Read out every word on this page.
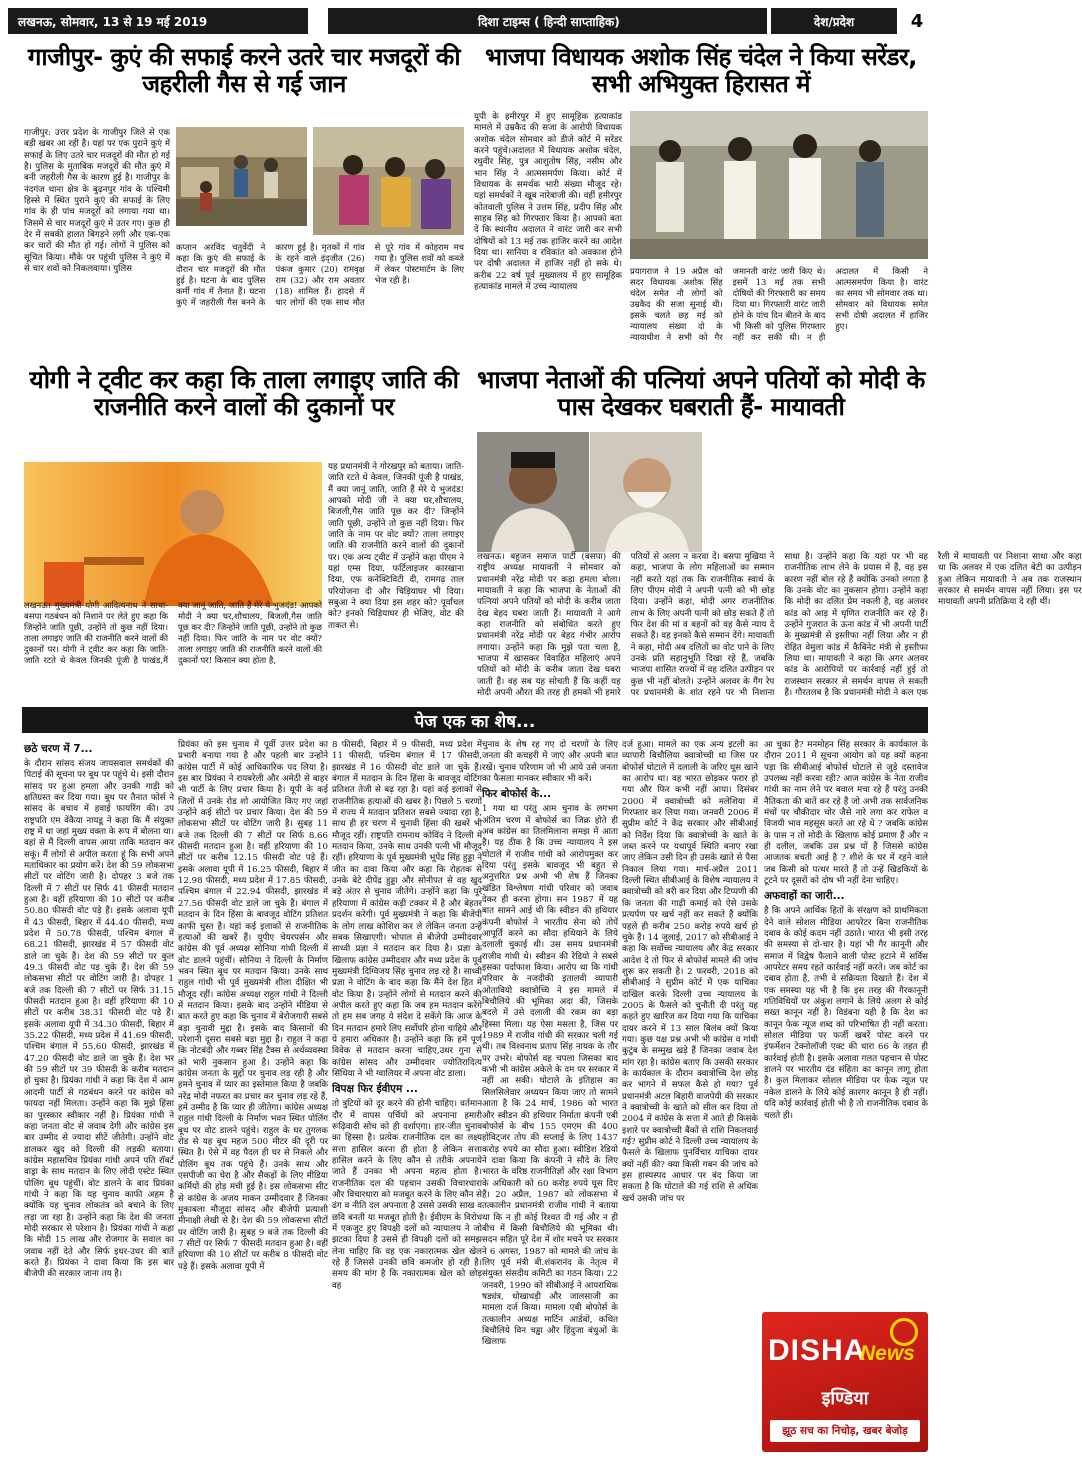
लखनऊ, सोमवार, 13 से 19 मई 2019	दिशा टाइम्स ( हिन्दी साप्ताहिक)	देश/प्रदेश	4
गाजीपुर- कुएं की सफाई करने उतरे चार मजदूरों की जहरीली गैस से गई जान
गाजीपुर: उत्तर प्रदेश के गाजीपुर जिले से एक बड़ी खबर आ रही है। यहां पर एक पुराने कुएं में सफाई के लिए उतरे चार मजदूरों की मौत हो गई है। पुलिस के मुताबिक मजदूरों की मौत कुएं में बनी जहरीली गैस के कारण हुई है। गाजीपुर के नंदगंज थाना क्षेत्र के बुढ़नपुर गांव के पश्चिमी हिस्से में स्थित पुराने कुएं की सफाई के लिए गांव के ही पांच मजदूरों को लगाया गया था। जिसमें से चार मजदूरों कुएं में उतर गए। कुछ ही देर में सबकी हालत बिगड़ने लगी और एक-एक कर चारों की मौत हो गई। लोगों ने पुलिस को सूचित किया। मौके पर पहुंची पुलिस ने कुएं में से चार शवों को निकलवाया। पुलिस
कप्तान अरविंद चतुर्वेदी ने कहा कि कुएं की सफाई के दौरान चार मजदूरों की मौत हुई है। घटना के बाद पुलिस कर्मी गांव में तैनात हैं। घटना कुएं में जहरीली गैस बनने के कारण हुई है। मृतकों में गांव के रहने वाले इंद्जीत (26) पंकज कुमार (20) रामवृक्ष राम (32) और राम अवतार (18) शामिल हैं। हादसे में चार लोगों की एक साथ मौत से पूरे गांव में कोहराम मच गया है। पुलिस शवों को कब्जे में लेकर पोस्टमार्टम के लिए भेज रही है।
भाजपा विधायक अशोक सिंह चंदेल ने किया सरेंडर, सभी अभियुक्त हिरासत में
यूपी के हमीरपुर में हुए सामूहिक हत्याकांड मामले में उम्रकैद की सजा के आरोपी विधायक अशोक चंदेल सोमवार को डीजे कोर्ट में सरेंडर करने पहुंचे।अदालत में विधायक अशोक चंदेल, रघुवीर सिंह, पुत्र आशुतोष सिंह, नसीम और भान सिंह ने आत्मसमर्पण किया। कोर्ट में विधायक के समर्थक भारी संख्या मौजूद रहे। यहां समर्थकों ने खूब नारेबाजी की। वहीं हमीरपुर कोतवाली पुलिस ने उत्तम सिंह, प्रदीप सिंह और साहब सिंह को गिरफ्तार किया है। आपको बता दें कि स्थानीय अदालत ने वारंट जारी कर सभी दोषियों को 13 मई तक हाजिर करने का आदेश दिया था। सानिया व रविकांत को अवकाश होने पर दोषी अदालत में हाजिर नहीं हो सके थे। करीब 22 वर्ष पूर्व मुख्यालय में हुए सामूहिक हत्याकांड मामले में उच्च न्यायालय
प्रयागराज ने 19 अप्रैल को सदर विधायक अशोक सिंह चंदेल समेत नौ लोगों को उम्रकैद की सजा सुनाई थी। इसके चलते छह मई को न्यायालय संख्या दो के न्यायाधीश ने सभी को गैर जमानती वारंट जारी किए थे। इसमें 13 मई तक सभी दोषियों की गिरफ्तारी का समय दिया था। गिरफ्तारी वारंट जारी होने के पांच दिन बीतने के बाद भी किसी को पुलिस गिरफ्तार नहीं कर सकी थी। न ही अदालत में किसी ने आत्मसमर्पण किया है। वारंट का समय भी सोमवार तक था। सोमवार को विधायक समेत सभी दोषी अदालत में हाजिर हुए।
योगी ने ट्वीट कर कहा कि ताला लगाइए जाति की राजनीति करने वालों की दुकानों पर
लखनऊ। मुख्यमंत्री योगी आदित्यनाथ ने साधा-बसपा गठबंधन को निशाने पर लेते हुए कहा कि जिन्होंने जाति पूछी, उन्होंने तो कुछ नहीं दिया। ताला लगाइए जाति की राजनीति करने वालों की दुकानों पर। योगी ने ट्वीट कर कहा कि जाति-जाति रटते थे केवल जिनकी पूंजी है पाखंड,मैं क्या जानूं जाति, जाति हैं मेरे ये भुजदंड! आपको मोदी ने क्या घर,शौचालय, बिजली,गैस जाति पूछ कर दी? जिन्होंने जाति पूछी, उन्होंने तो कुछ नहीं दिया। फिर जाति के नाम पर वोट क्यों? ताला लगाइए जाति की राजनीति करने वालों की दुकानों पर! किसान क्या होता है,
यह प्रधानमंत्री ने गोरखपुर को बताया। जाति-जाति रटते थे केवल, जिनकी पूंजी है पाखंड, मैं क्या जानूं जाति, जाति हैं मेरे ये भुजदंड! आपको मोदी जी ने क्या घर,शौचालय, बिजली,गैस जाति पूछ कर दी? जिन्होंने जाति पूछी, उन्होंने तो कुछ नहीं दिया। फिर जाति के नाम पर वोट क्यों? ताला लगाइए जाति की राजनीति करने वालों की दुकानों पर। एक अन्य ट्वीट में उन्होंने कहा पीएम ने यहां एम्स दिया, फर्टिलाइजर कारखाना दिया, एफ कनेक्टिविटी दी, रामगढ़ ताल परियोजना दी और चिड़ियाघर भी दिया। सबुआ ने क्या दिया इस शहर को? पूर्वांचल को? इनको चिड़ियाघर ही भेजिए, वोट की ताकत से।
भाजपा नेताओं की पत्नियां अपने पतियों को मोदी के पास देखकर घबराती हैं- मायावती
लखनऊ। बहुजन समाज पार्टी (बसपा) की राष्ट्रीय अध्यक्ष मायावती ने सोमवार को प्रधानमंत्री नरेंद्र मोदी पर कड़ा हमला बोला। मायावती ने कहा कि भाजपा के नेताओं की पत्नियां अपने पतियों को मोदी के करीब जाता देख बेहद घबरा जाती हैं। मायावती ने आगे कहा राजनीति को संबोधित करते हुए प्रधानमंत्री नरेंद्र मोदी पर बेहद गंभीर आरोप लगाया। उन्होंने कहा कि मुझे पता चला है, भाजपा में खासकर विवाहित महिलाएं अपने पतियों को मोदी के करीब जाता देख घबरा जाती हैं। वह सब यह सोचती हैं कि कहीं यह मोदी अपनी औरत की तरह ही हमको भी हमारे पतियों से अलग न करवा दें। बसपा मुखिया ने कहा, भाजपा के लोग महिलाओं का सम्मान नहीं करते यहां तक कि राजनीतिक स्वार्थ के लिए पीएम मोदी ने अपनी पत्नी को भी छोड़ दिया। उन्होंने कहा, मोदी अगर राजनीतिक लाभ के लिए अपनी पत्नी को छोड़ सकते हैं तो फिर देश की मां व बहनों को वह कैसे न्याय दे सकते हैं। वह इनको कैसे सम्मान देंगे। मायावती ने कहा, मोदी अब दलितों का वोट पाने के लिए उनके प्रति सहानुभूति दिखा रहे हैं, जबकि भाजपा शासित राज्यों में वह दलित उत्पीड़न पर कुछ भी नहीं बोलते। उन्होंने अलवर के गैंग रेप पर प्रधानमंत्री के शांत रहने पर भी निशाना साधा है। उन्होंने कहा कि यहां पर भी वह राजनीतिक लाभ लेने के प्रयास में हैं, वह इस कारण नहीं बोल रहे हैं क्योंकि उनको लगता है कि उनके वोट का नुकसान होगा। उन्होंने कहा कि मोदी का दलित प्रेम नकली है, वह अलवर कांड को आड़ में घृणित राजनीति कर रहे हैं। उन्होंने गुजरात के ऊना कांड में भी अपनी पार्टी के मुख्यमंत्री से इस्तीफा नहीं लिया और न ही रोहित वेमुला कांड में कैबिनेट मंत्री से इस्तीफा लिया था। मायावती ने कहा कि अगर अलवर कांड के आरोपियों पर कार्रवाई नहीं हुई तो राजस्थान सरकार से समर्थन वापस ले सकती हैं। गौरतलब है कि प्रधानमंत्री मोदी ने कल एक रैली में मायावती पर निशाना साधा और कहा था कि अलवर में एक दलित बेटी का उत्पीड़न हुआ लेकिन मायावती ने अब तक राजस्थान सरकार से समर्थन वापस नहीं लिया। इस पर मायावती अपनी प्रतिक्रिया दे रही थीं।
पेज एक का शेष...
छठे चरण में 7...
के दौरान सांसद संजय जायसवाल समर्थकों की पिटाई की सूचना पर बूथ पर पहुंचे थे। इसी दौरान सांसद पर हुआ हमला और उनकी गाड़ी को क्षतिग्रस्त कर दिया गया। बूथ पर तैनात फोर्स ने सांसद के बचाव में हवाई फायरिंग की। उप राष्ट्रपति एम वेंकैया नायडू ने कहा कि मैं संयुक्त राष्ट्र में था जहां मुख्य वक्ता के रूप में बोलना था। वहां से मैं दिल्ली वापस आया ताकि मतदान कर सकूं। मैं लोगों से अपील करता हूं कि सभी अपने मताधिकार का प्रयोग करें। देश की 59 लोकसभा सीटों पर वोटिंग जारी है। दोपहर 3 बजे तक दिल्ली में 7 सीटों पर सिर्फ 41 फीसदी मतदान हुआ है। वहीं हरियाणा की 10 सीटों पर करीब 50.80 फीसदी वोट पड़े हैं। इसके अलावा यूपी में 43 फीसदी, बिहार में 44.40 फीसदी, मध्य प्रदेश में 50.78 फीसदी, पश्चिम बंगाल में 68.21 फीसदी, झारखंड में 57 फीसदी वोट डाले जा चुके हैं। देश की 59 सीटों पर कुल 49.3 फीसदी वोट पड़ चुके हैं। देश की 59 लोकसभा सीटों पर वोटिंग जारी है। दोपहर 1 बजे तक दिल्ली की 7 सीटों पर सिर्फ 31.15 फीसदी मतदान हुआ है। वहीं हरियाणा की 10 सीटों पर करीब 38.31 फीसदी वोट पड़े हैं। इसके अलावा यूपी में 34.30 फीसदी, बिहार में 35.22 फीसदी, मध्य प्रदेश में 41.69 फीसदी, पश्चिम बंगाल में 55.60 फीसदी, झारखंड में 47.20 फीसदी वोट डाले जा चुके हैं। देश भर की 59 सीटों पर 39 फीसदी के करीब मतदान हो चुका है। प्रियंका गांधी ने कहा कि देश में आम आदमी पार्टी से गठबंधन करने पर कांग्रेस को फायदा नहीं मिलता। उन्होंने कहा कि मुझे हिंसा का पुरस्कार स्वीकार नहीं है। प्रियंका गांधी ने कहा जनता वोट से जवाब देगी और कांग्रेस इस बार उम्मीद से ज्यादा सीटें जीतेगी। उन्होंने वोट डालकर खुद को दिल्ली की लड़की बताया। कांग्रेस महासचिव प्रियंका गांधी अपने पति रॉबर्ट वाड्रा के साथ मतदान के लिए लोदी एस्टेट स्थित पोलिंग बूथ पहुंचीं। वोट डालने के बाद प्रियंका गांधी ने कहा कि यह चुनाव काफी अहम है क्योंकि यह चुनाव लोकतंत्र को बचाने के लिए लड़ा जा रहा है। उन्होंने कहा कि देश की जनता मोदी सरकार से परेशान है। प्रियंका गांधी ने कहा कि मोदी 15 लाख और रोजगार के सवाल का जवाब नहीं देते और सिर्फ इधर-उधर की बातें करते हैं। प्रियंका ने दावा किया कि इस बार बीजेपी की सरकार जाना तय है।
प्रियंका को इस चुनाव में पूर्वी उत्तर प्रदेश का प्रभारी बनाया गया है और पहली बार उन्होंने कांग्रेस पार्टी में कोई आधिकारिक पद लिया है। इस बार प्रियंका ने रायबरेली और अमेठी से बाहर भी पार्टी के लिए प्रचार किया है। यूपी के कई जिलों में उनके रोड शो आयोजित किए गए जहां उन्होंने कई सीटों पर प्रचार किया। देश की 59 लोकसभा सीटों पर वोटिंग जारी है। सुबह 11 बजे तक दिल्ली की 7 सीटों पर सिर्फ 8.66 फीसदी मतदान हुआ है। वहीं हरियाणा की 10 सीटों पर करीब 12.15 फीसदी वोट पड़े हैं। इसके अलावा यूपी में 16.25 फीसदी, बिहार में 12.98 फीसदी, मध्य प्रदेश में 17.85 फीसदी, पश्चिम बंगाल में 22.94 फीसदी, झारखंड में 27.56 फीसदी वोट डाले जा चुके हैं। बंगाल में मतदान के दिन हिंसा के बावजूद वोटिंग प्रतिशत काफी चुस्त है। यहां कई इलाकों से राजनीतिक हत्याओं की खबरें हैं। यूपीए चेयरपर्सन और कांग्रेस की पूर्व अध्यक्ष सोनिया गांधी दिल्ली में वोट डालने पहुंचीं। सोनिया ने दिल्ली के निर्माण भवन स्थित बूथ पर मतदान किया। उनके साथ राहुल गांधी भी पूर्व मुख्यमंत्री शीला दीक्षित भी मौजूद रहीं। कांग्रेस अध्यक्ष राहुल गांधी ने दिल्ली में मतदान किया। इसके बाद उन्होंने मीडिया से बात करते हुए कहा कि चुनाव में बेरोजगारी सबसे बड़ा चुनावी मुद्दा है। इसके बाद किसानों की परेशानी दूसरा सबसे बड़ा मुद्दा है। राहुल ने कहा कि नोटबंदी और गब्बर सिंह टैक्स से अर्थव्यवस्था को भारी नुकसान हुआ है। उन्होंने कहा कि कांग्रेस जनता के मुद्दों पर चुनाव लड़ रही है और हमने चुनाव में प्यार का इस्तेमाल किया है जबकि नरेंद्र मोदी नफरत का प्रचार कर चुनाव लड़ रहे हैं, हमें उम्मीद है कि प्यार ही जीतेगा। कांग्रेस अध्यक्ष राहुल गांधी दिल्ली के निर्माण भवन स्थित पोलिंग बूथ पर वोट डालने पहुंचे। राहुल के घर तुगलक रोड से यह बूथ महज 500 मीटर की दूरी पर स्थित है। ऐसे में वह पैदल ही घर से निकले और पोलिंग बूथ तक पहुंचे हैं। उनके साथ और एसपीजी का घेरा है और सैकड़ों के लिए मीडिया कर्मियों की होड़ मची हुई है। इस लोकसभा सीट से कांग्रेस के अजय माकन उम्मीदवार हैं जिनका मुकाबला मौजूदा सांसद और बीजेपी प्रत्याशी मीनाक्षी लेखी से है। देश की 59 लोकसभा सीटों पर वोटिंग जारी है। सुबह 9 बजे तक दिल्ली की 7 सीटों पर सिर्फ 7 फीसदी मतदान हुआ है। वहीं हरियाणा की 10 सीटों पर करीब 8 फीसदी वोट पड़े हैं। इसके अलावा यूपी में
8 फीसदी, बिहार में 9 फीसदी, मध्य प्रदेश में 11 फीसदी, पश्चिम बंगाल में 17 फीसदी, झारखंड में 16 फीसदी वोट डाले जा चुके हैं। बंगाल में मतदान के दिन हिंसा के बावजूद वोटिंग प्रतिशत तेजी से बढ़ रहा है। यहां कई इलाकों से राजनीतिक हत्याओं की खबर है। पिछले 5 चरणों में राज्य में मतदान प्रतिशत सबसे ज्यादा रहा है, साथ ही हर चरण में चुनावी हिंसा की खबरें भी मौजूद रहीं। राष्ट्रपति रामनाथ कोविंद ने दिल्ली में मतदान किया, उनके साथ उनकी पत्नी भी मौजूद रहीं। हरियाणा के पूर्व मुख्यमंत्री भूपेंद्र सिंह हुड्डा ने जीत का दावा किया और कहा कि रोहतक से उनके बेटे दीपेंद्र हुड्डा और सोनीपत से वह खुद बड़े अंतर से चुनाव जीतेंगे। उन्होंने कहा कि पूरे हरियाणा में कांग्रेस कड़ी टक्कर में है और बेहतर प्रदर्शन करेगी। पूर्व मुख्यमंत्री ने कहा कि बीजेपी के लोग लाख कोशिश कर ले लेकिन जनता उन्हें सबक सिखाएगी। भोपाल से बीजेपी उम्मीदवार साध्वी प्रज्ञा ने मतदान कर दिया है। प्रज्ञा के खिलाफ कांग्रेस उम्मीदवार और मध्य प्रदेश के पूर्व मुख्यमंत्री दिग्विजय सिंह चुनाव लड़ रहे हैं। साध्वी प्रज्ञा ने वोटिंग के बाद कहा कि मैंने देश हित में वोट किया है। उन्होंने लोगों से मतदान करने की अपील करते हुए कहा कि जब हम मतदान करेंगे तो हम सब जगह ये संदेश दे सकेंगे कि आज के दिन मतदान हमारे लिए सर्वोपरि होना चाहिये और ये हमारा अधिकार है। उन्होंने कहा कि हमें पूर्ण विवेक से मतदान करना चाहिए,उधर गुना से कांग्रेस सांसद और उम्मीदवार ज्योतिरादित्य सिंधिया ने भी ग्वालियर में अपना वोट डाला।
विपक्ष फिर ईवीएम ...
तो त्रुटियों को दूर करने की होनी चाहिए। वर्तमान दौर में वापस पर्चियों को अपनाना हमारी रूढ़िवादी सोच को ही दर्शाएगा। हार-जीत चुनाव का हिस्सा है। प्रत्येक राजनीतिक दल का लक्ष्य सत्ता हासिल करना ही होता है लेकिन सत्ता हासिल करने के लिए कौन से तरीके अपनाये जाते हैं उनका भी अपना महत्व होता है। राजनीतिक दल की पहचान उसकी विचारधारा और विचारधारा को मजबूत करने के लिए कौन से ढंग व नीति दल अपनाता है उससे उसकी साख व छवि बनती या मजबूत होती है। ईवीएम के विरोध में एकजुट हुए विपक्षी दलों को न्यायालय ने जो झटका दिया है उससे ही विपक्षी दलों को समझ लेना चाहिए कि वह एक नकारात्मक खेल खेल रहे हैं जिससे उनकी छवि कमजोर हो रही है। समय की मांग है कि नकारात्मक खेल को छोड़ वह
चुनाव के शेष रह गए दो चरणों के लिए जनता की कचहरी में जाएं और अपनी बात रखें। चुनाव परिणाम जो भी आये उसे जनता का फैसला मानकर स्वीकार भी करें।
फिर बोफोर्स के...
1 गया था परंतु आम चुनाव के लगभग अंतिम चरण में बोफोर्स का जिक्र होते ही अब कांग्रेस का तिलमिलाना समझ में आता है। यह ठीक है कि उच्च न्यायालय ने इस घोटाले में राजीव गांधी को आरोपमुक्त कर दिया परंतु इसके बावजूद भी बहुत से अनुत्तरित प्रश्न अभी भी शेष हैं जिनका खंडित विश्लेषण गांधी परिवार को जवाब देकर ही करना होगा। सन 1987 में यह बात सामने आई थी कि स्वीडन की हथियार कंपनी बोफोर्स ने भारतीय सेना को तोपें आपूर्ति करने का सौदा हथियाने के लिये दलाली चुकाई थी। उस समय प्रधानमंत्री राजीव गांधी थे। स्वीडन की रेडियो ने सबसे इसका पर्दाफाश किया। आरोप था कि गांधी परिवार के नजदीकी इतालवी व्यापारी ओतावियो क्वात्रोच्चि ने इस मामले में बिचौलिये की भूमिका अदा की, जिसके बदले में उसे दलाली की रकम का बड़ा हिस्सा मिला। यह ऐसा मसला है, जिस पर 1989 में राजीव गांधी की सरकार चली गई थी। तब विश्वनाथ प्रताप सिंह नायक के तौर पर उभरे। बोफोर्स वह चपला जिसका बाद कभी भी कांग्रेस अकेले के दम पर सरकार में नहीं आ सकी। घोटाले के इतिहास का सिलसिलेवार अध्ययन किया जाए तो सामने आता है कि 24 मार्च, 1986 को भारत और स्वीडन की हथियार निर्माता कंपनी एबी बोफोर्स के बीच 155 एमएम की 400 होविट्जर तोप की सप्लाई के लिए 1437 करोड़ रुपये का सौदा हुआ। स्वीडिश रेडियो ने दावा किया कि कंपनी ने सौदे के लिए भारत के वरिष्ठ राजनीतिज्ञों और रक्षा विभाग के अधिकारी को 60 करोड़ रुपये घूस दिए हैं। 20 अप्रैल, 1987 को लोकसभा में तत्कालीन प्रधानमंत्री राजीव गांधी ने बताया था कि न ही कोई रिश्वत दी गई और न ही बीच में किसी बिचौलिये की भूमिका थी। सदन सहित पूरे देश में शोर मचने पर सरकार ने 6 अगस्त, 1987 को मामले की जांच के लिए पूर्व मंत्री बी.शंकरानंद के नेतृत्व में संयुक्त संसदीय कमिटी का गठन किया। 22 जनवरी, 1990 को सीबीआई ने आपराधिक षड्यंत्र, धोखाधड़ी और जालसाजी का मामला दर्ज किया। मामला एबी बोफोर्स के तत्कालीन अध्यक्ष मार्टिन आर्डबो, कथित बिचौलिये विन चड्ढा और हिंदुजा बंधुओं के खिलाफ
दर्ज हुआ। मामले का एक अन्य इटली का व्यापारी बिचौलिया क्वात्रोच्ची था जिस पर बोफोर्स घोटाले में दलाली के जरिए घूस खाने का आरोप था। वह भारत छोड़कर फरार हो गया और फिर कभी नहीं आया। दिसंबर 2000 में क्वात्रोच्ची को मलेशिया में गिरफ्तार कर लिया गया। जनवरी 2006 में सुप्रीम कोर्ट ने केंद्र सरकार और सीबीआई को निर्देश दिया कि क्वात्रोच्ची के खाते के जब्त करने पर यथापूर्व स्थिति बनाए रखा जाए लेकिन उसी दिन ही उसके खाते से पैसा निकाल लिया गया। मार्च-अप्रैल 2011 दिल्ली स्थित सीबीआई के विशेष न्यायालय ने क्वात्रोच्ची को बरी कर दिया और टिप्पणी की कि जनता की गाढ़ी कमाई को ऐसे उसके प्रत्यर्पण पर खर्च नहीं कर सकते हैं क्योंकि पहले ही करीब 250 करोड़ रुपये खर्च हो चुके हैं। 14 जुलाई, 2017 को सीबीआई ने कहा कि सर्वोच्च न्यायालय और केंद्र सरकार आदेश दे तो फिर से बोफोर्स मामले की जांच शुरू कर सकती है। 2 फरवरी, 2018 को सीबीआई ने सुप्रीम कोर्ट में एक याचिका दाखिल करके दिल्ली उच्च न्यायालय के 2005 के फैसले को चुनौती दी परंतु यह कहते हुए खारिज कर दिया गया कि याचिका दायर करने में 13 साल बिलंब क्यों किया गया। कुछ यक्ष प्रश्न अभी भी कांग्रेस व गांधी कुटुंब के सम्मुख खड़े हैं जिनका जवाब देश मांग रहा है। कांग्रेस बताए कि उसकी सरकार के कार्यकाल के दौरान क्वात्रोच्चि देश छोड़ कर भागने में सफल कैसे हो गया? पूर्व प्रधानमंत्री अटल बिहारी वाजपेयी की सरकार ने क्वात्रोच्ची के खाते को सील कर दिया तो 2004 में कांग्रेस के सत्ता में आते ही किसके इशारे पर क्वात्रोच्ची बैंकों से राशि निकलवाई गई? सुप्रीम कोर्ट ने दिल्ली उच्च न्यायालय के फैसले के खिलाफ पुनर्विचार याचिका दायर क्यों नहीं की? क्या किसी गबन की जांच को इस हास्यस्पद आधार पर बंद किया जा सकता है कि घोटाले की गई राशि से अधिक खर्च उसकी जांच पर
आ चुका है? मनमोहन सिंह सरकार के कार्यकाल के दौरान 2011 में सूचना आयोग को यह क्यों कहना पड़ा कि सीबीआई बोफोर्स घोटाले से जुड़े दस्तावेज उपलब्ध नहीं करवा रही? आज कांग्रेस के नेता राजीव गांधी का नाम लेने पर बवाल मचा रहे हैं परंतु उनकी नैतिकता की बातें कर रहे हैं जो अभी तक सार्वजनिक मंचों पर चौकीदार चोर जैसे नारे लगा कर राफेल व विजयी भाव महसूस करते आ रहे थे ? जबकि कांग्रेस के पास न तो मोदी के खिलाफ कोई प्रमाण हैं और न ही दलील, जबकि उस प्रश्न यों हैं जिससे कांग्रेस आजतक बचती आई है ? शीशे के घर में रहने वाले जब किसी को पत्थर मारते हैं तो उन्हें खिड़कियों के टूटने पर दूसरों को दोष भी नहीं देना चाहिए।
अफवाहों का जारी...
है कि अपने आर्थिक हितों के संरक्षण को प्राथमिकता देने वाले सोशल मीडिया आपरेटर बिना राजनीतिक दबाव के कोई कदम नहीं उठाते। भारत भी इसी तरह की समस्या से दो-चार है। यहां भी गैर कानूनी और समाज में विद्वेष फैलाने वाली पोस्ट हटाने में सर्विस आपरेटर समय रहते कार्रवाई नहीं करते। जब कोर्ट का दबाव होता है, तभी वे सक्रियता दिखाते हैं। देश में एक समस्या यह भी है कि इस तरह की गैरकानूनी गतिविधियों पर अंकुश लगाने के लिये अलग से कोई सख्त कानून नहीं है। विडंबना यही है कि देश का कानून फेक न्यूज शब्द को परिभाषित ही नहीं करता। सोशल मीडिया पर फर्जी खबरें पोस्ट करने पर इंफर्मेशन टेक्नोलॉजी एक्ट की धारा 66 के तहत ही कार्रवाई होती है। इसके अलावा गलत पहचान से पोस्ट डालने पर भारतीय दंड संहिता का कानून लागू होता है। कुल मिलाकर सोशल मीडिया पर फेक न्यूज पर नकेल डालने के लिये कोई कारगर कानून है ही नहीं। यदि कोई कार्रवाई होती भी है तो राजनीतिक दबाव के चलते ही।
DISHA
News
इण्डिया
झूठ सच का निचोड़, खबर बेजोड़
